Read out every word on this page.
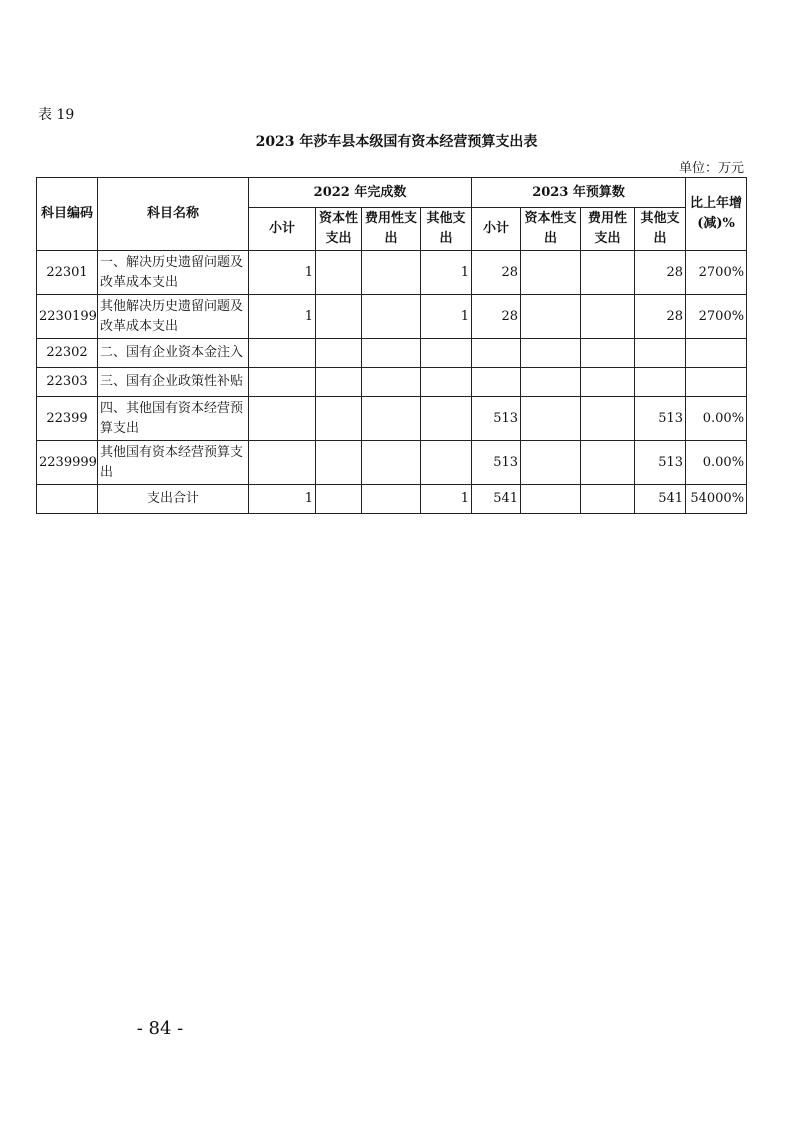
表 19
2023 年莎车县本级国有资本经营预算支出表
单位：万元
科目编码	科目名称	2022 年完成数				2023 年预算数				比上年增(减)%
		小计	资本性支出	费用性支出	其他支出	小计	资本性支出	费用性支出	其他支出	
22301	一、解决历史遗留问题及改革成本支出	1			1	28			28	2700%
2230199	其他解决历史遗留问题及改革成本支出	1			1	28			28	2700%
22302	二、国有企业资本金注入									
22303	三、国有企业政策性补贴									
22399	四、其他国有资本经营预算支出					513			513	0.00%
2239999	其他国有资本经营预算支出					513			513	0.00%
	支出合计	1			1	541			541	54000%
- 84 -
